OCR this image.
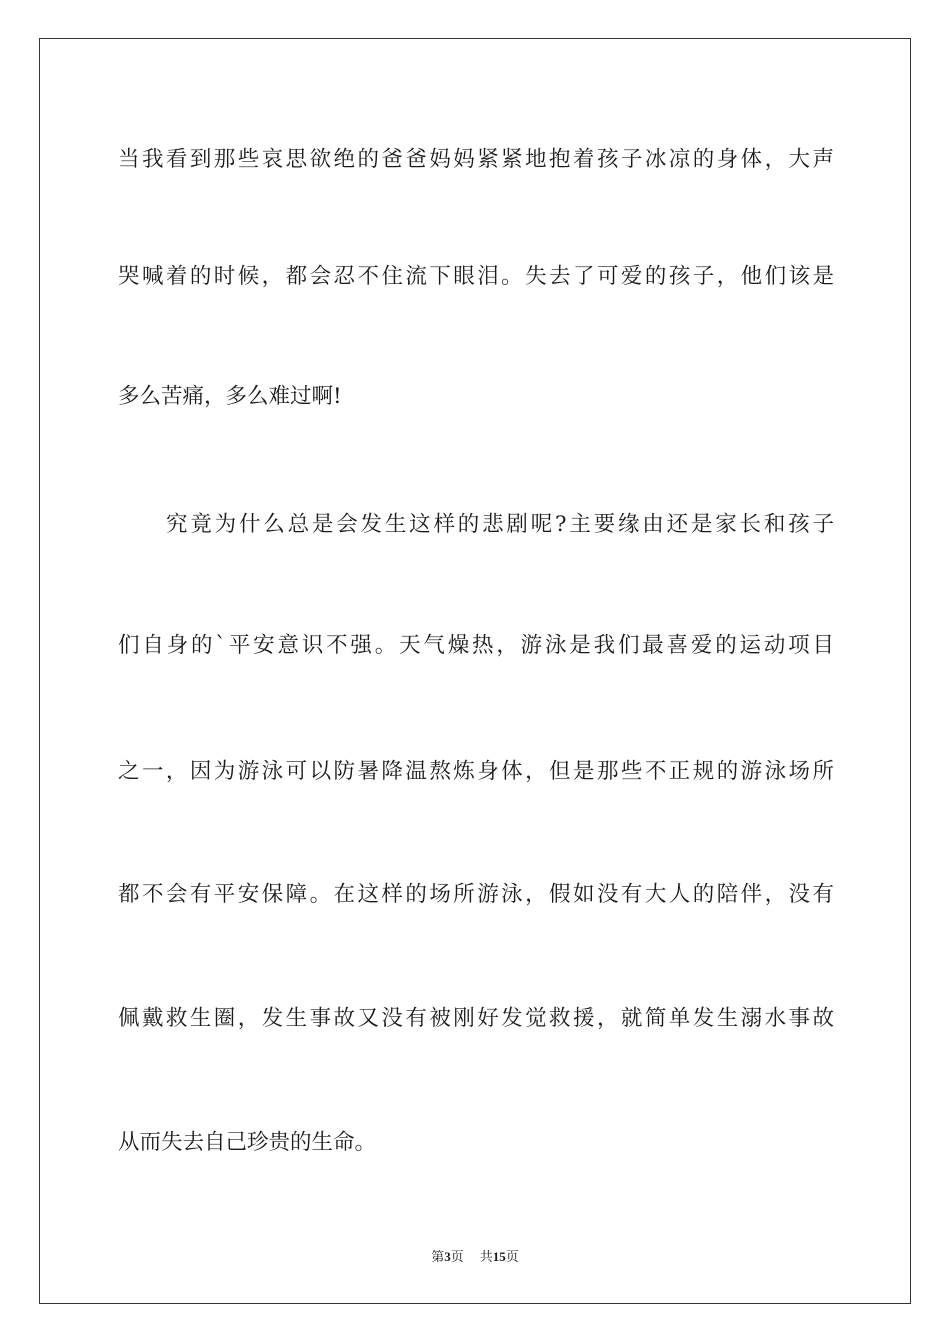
当我看到那些哀思欲绝的爸爸妈妈紧紧地抱着孩子冰凉的身体，大声
哭喊着的时候，都会忍不住流下眼泪。失去了可爱的孩子，他们该是
多么苦痛，多么难过啊!
究竟为什么总是会发生这样的悲剧呢?主要缘由还是家长和孩子
们自身的`平安意识不强。天气燥热，游泳是我们最喜爱的运动项目
之一，因为游泳可以防暑降温熬炼身体，但是那些不正规的游泳场所
都不会有平安保障。在这样的场所游泳，假如没有大人的陪伴，没有
佩戴救生圈，发生事故又没有被刚好发觉救援，就简单发生溺水事故
从而失去自己珍贵的生命。
第3页 共15页
